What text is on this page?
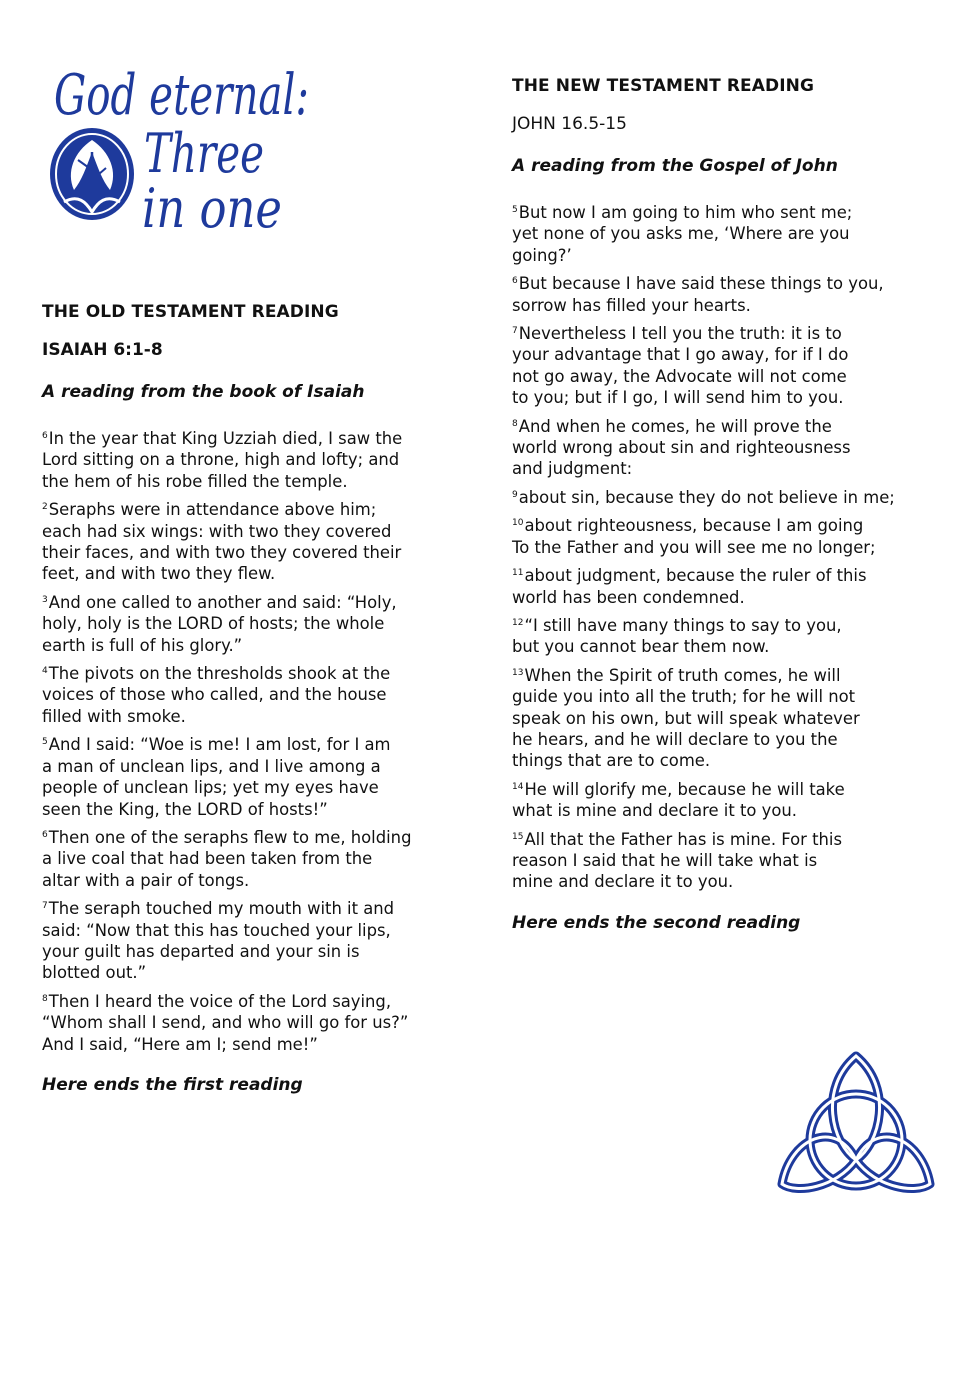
God eternal:
Three
in one
THE OLD TESTAMENT READING
ISAIAH 6:1-8
A reading from the book of Isaiah
$^6$In the year that King Uzziah died, I saw the
Lord sitting on a throne, high and lofty; and
the hem of his robe filled the temple.
$^2$Seraphs were in attendance above him;
each had six wings: with two they covered
their faces, and with two they covered their
feet, and with two they flew.
$^3$And one called to another and said: “Holy,
holy, holy is the LORD of hosts; the whole
earth is full of his glory.”
$^4$The pivots on the thresholds shook at the
voices of those who called, and the house
filled with smoke.
$^5$And I said: “Woe is me! I am lost, for I am
a man of unclean lips, and I live among a
people of unclean lips; yet my eyes have
seen the King, the LORD of hosts!”
$^6$Then one of the seraphs flew to me, holding
a live coal that had been taken from the
altar with a pair of tongs.
$^7$The seraph touched my mouth with it and
said: “Now that this has touched your lips,
your guilt has departed and your sin is
blotted out.”
$^8$Then I heard the voice of the Lord saying,
“Whom shall I send, and who will go for us?”
And I said, “Here am I; send me!”
Here ends the first reading
THE NEW TESTAMENT READING
JOHN 16.5-15
A reading from the Gospel of John
$^5$But now I am going to him who sent me;
yet none of you asks me, ‘Where are you
going?’
$^6$But because I have said these things to you,
sorrow has filled your hearts.
$^7$Nevertheless I tell you the truth: it is to
your advantage that I go away, for if I do
not go away, the Advocate will not come
to you; but if I go, I will send him to you.
$^8$And when he comes, he will prove the
world wrong about sin and righteousness
and judgment:
$^9$about sin, because they do not believe in me;
$^{10}$about righteousness, because I am going
To the Father and you will see me no longer;
$^{11}$about judgment, because the ruler of this
world has been condemned.
$^{12}$“I still have many things to say to you,
but you cannot bear them now.
$^{13}$When the Spirit of truth comes, he will
guide you into all the truth; for he will not
speak on his own, but will speak whatever
he hears, and he will declare to you the
things that are to come.
$^{14}$He will glorify me, because he will take
what is mine and declare it to you.
$^{15}$All that the Father has is mine. For this
reason I said that he will take what is
mine and declare it to you.
Here ends the second reading
